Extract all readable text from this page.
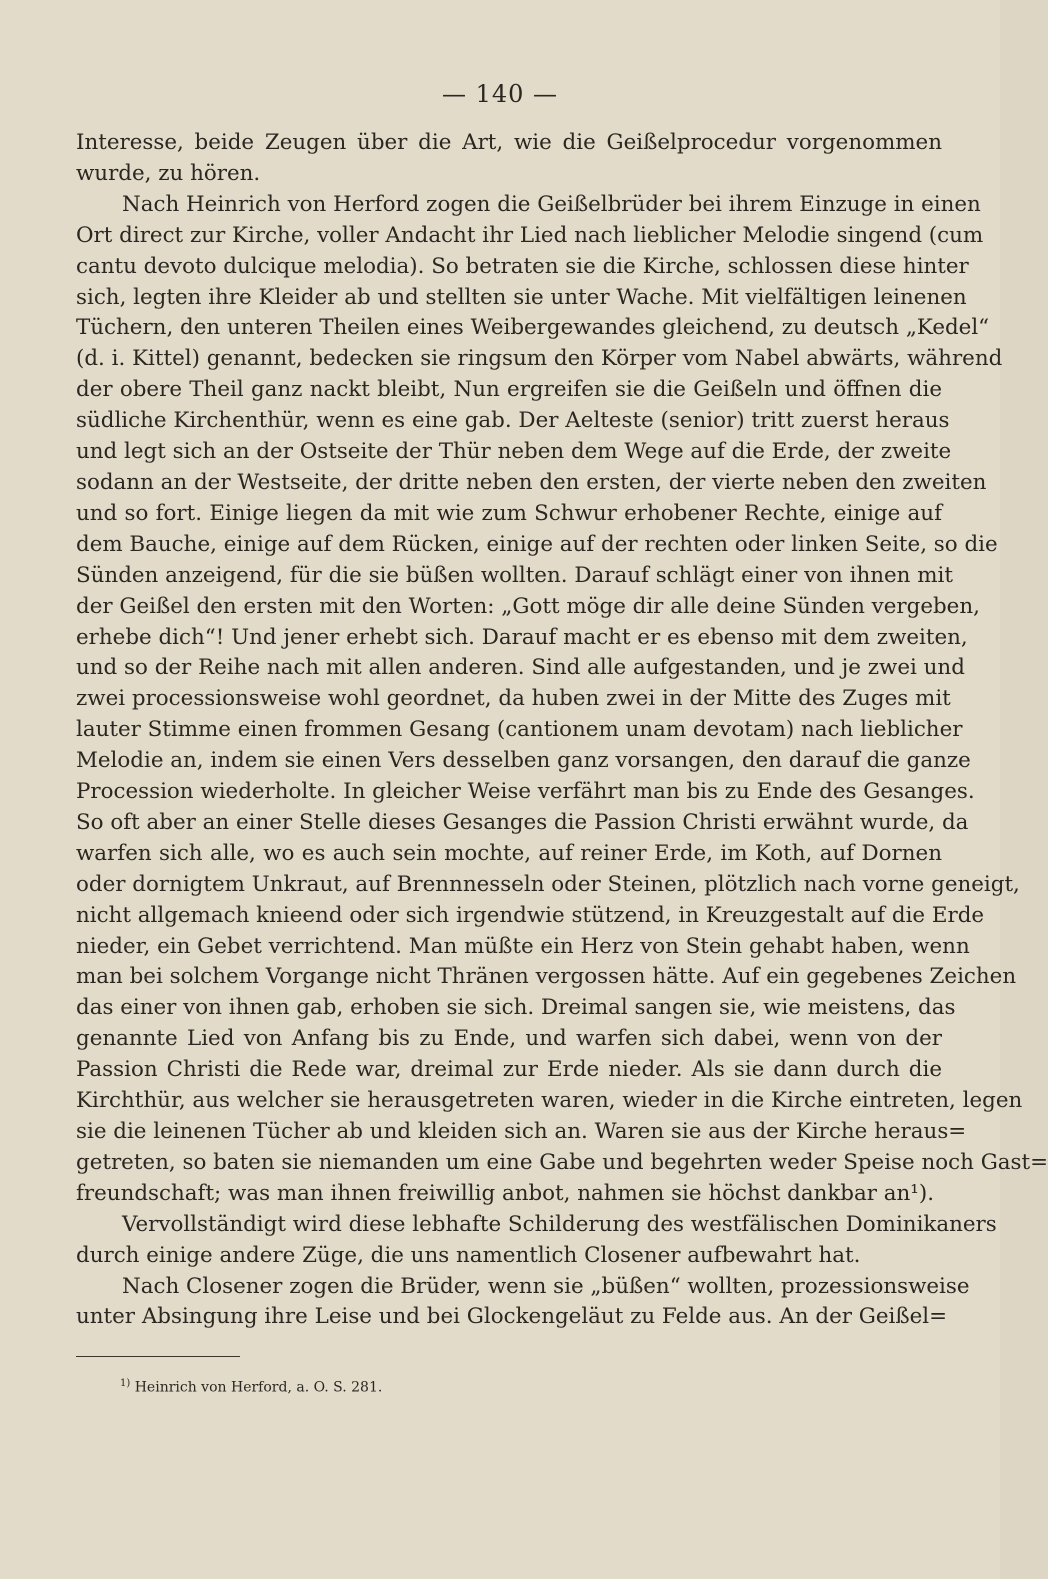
— 140 —
Interesse, beide Zeugen über die Art, wie die Geißelprocedur vorgenommen
wurde, zu hören.
Nach Heinrich von Herford zogen die Geißelbrüder bei ihrem Einzuge in einen
Ort direct zur Kirche, voller Andacht ihr Lied nach lieblicher Melodie singend (cum
cantu devoto dulcique melodia). So betraten sie die Kirche, schlossen diese hinter
sich, legten ihre Kleider ab und stellten sie unter Wache. Mit vielfältigen leinenen
Tüchern, den unteren Theilen eines Weibergewandes gleichend, zu deutsch „Kedel“
(d. i. Kittel) genannt, bedecken sie ringsum den Körper vom Nabel abwärts, während
der obere Theil ganz nackt bleibt, Nun ergreifen sie die Geißeln und öffnen die
südliche Kirchenthür, wenn es eine gab. Der Aelteste (senior) tritt zuerst heraus
und legt sich an der Ostseite der Thür neben dem Wege auf die Erde, der zweite
sodann an der Westseite, der dritte neben den ersten, der vierte neben den zweiten
und so fort. Einige liegen da mit wie zum Schwur erhobener Rechte, einige auf
dem Bauche, einige auf dem Rücken, einige auf der rechten oder linken Seite, so die
Sünden anzeigend, für die sie büßen wollten. Darauf schlägt einer von ihnen mit
der Geißel den ersten mit den Worten: „Gott möge dir alle deine Sünden vergeben,
erhebe dich“! Und jener erhebt sich. Darauf macht er es ebenso mit dem zweiten,
und so der Reihe nach mit allen anderen. Sind alle aufgestanden, und je zwei und
zwei processionsweise wohl geordnet, da huben zwei in der Mitte des Zuges mit
lauter Stimme einen frommen Gesang (cantionem unam devotam) nach lieblicher
Melodie an, indem sie einen Vers desselben ganz vorsangen, den darauf die ganze
Procession wiederholte. In gleicher Weise verfährt man bis zu Ende des Gesanges.
So oft aber an einer Stelle dieses Gesanges die Passion Christi erwähnt wurde, da
warfen sich alle, wo es auch sein mochte, auf reiner Erde, im Koth, auf Dornen
oder dornigtem Unkraut, auf Brennnesseln oder Steinen, plötzlich nach vorne geneigt,
nicht allgemach knieend oder sich irgendwie stützend, in Kreuzgestalt auf die Erde
nieder, ein Gebet verrichtend. Man müßte ein Herz von Stein gehabt haben, wenn
man bei solchem Vorgange nicht Thränen vergossen hätte. Auf ein gegebenes Zeichen
das einer von ihnen gab, erhoben sie sich. Dreimal sangen sie, wie meistens, das
genannte Lied von Anfang bis zu Ende, und warfen sich dabei, wenn von der
Passion Christi die Rede war, dreimal zur Erde nieder. Als sie dann durch die
Kirchthür, aus welcher sie herausgetreten waren, wieder in die Kirche eintreten, legen
sie die leinenen Tücher ab und kleiden sich an. Waren sie aus der Kirche heraus=
getreten, so baten sie niemanden um eine Gabe und begehrten weder Speise noch Gast=
freundschaft; was man ihnen freiwillig anbot, nahmen sie höchst dankbar an¹).
Vervollständigt wird diese lebhafte Schilderung des westfälischen Dominikaners
durch einige andere Züge, die uns namentlich Closener aufbewahrt hat.
Nach Closener zogen die Brüder, wenn sie „büßen“ wollten, prozessionsweise
unter Absingung ihre Leise und bei Glockengeläut zu Felde aus. An der Geißel=
$^{1)}$ Heinrich von Herford, a. O. S. 281.
